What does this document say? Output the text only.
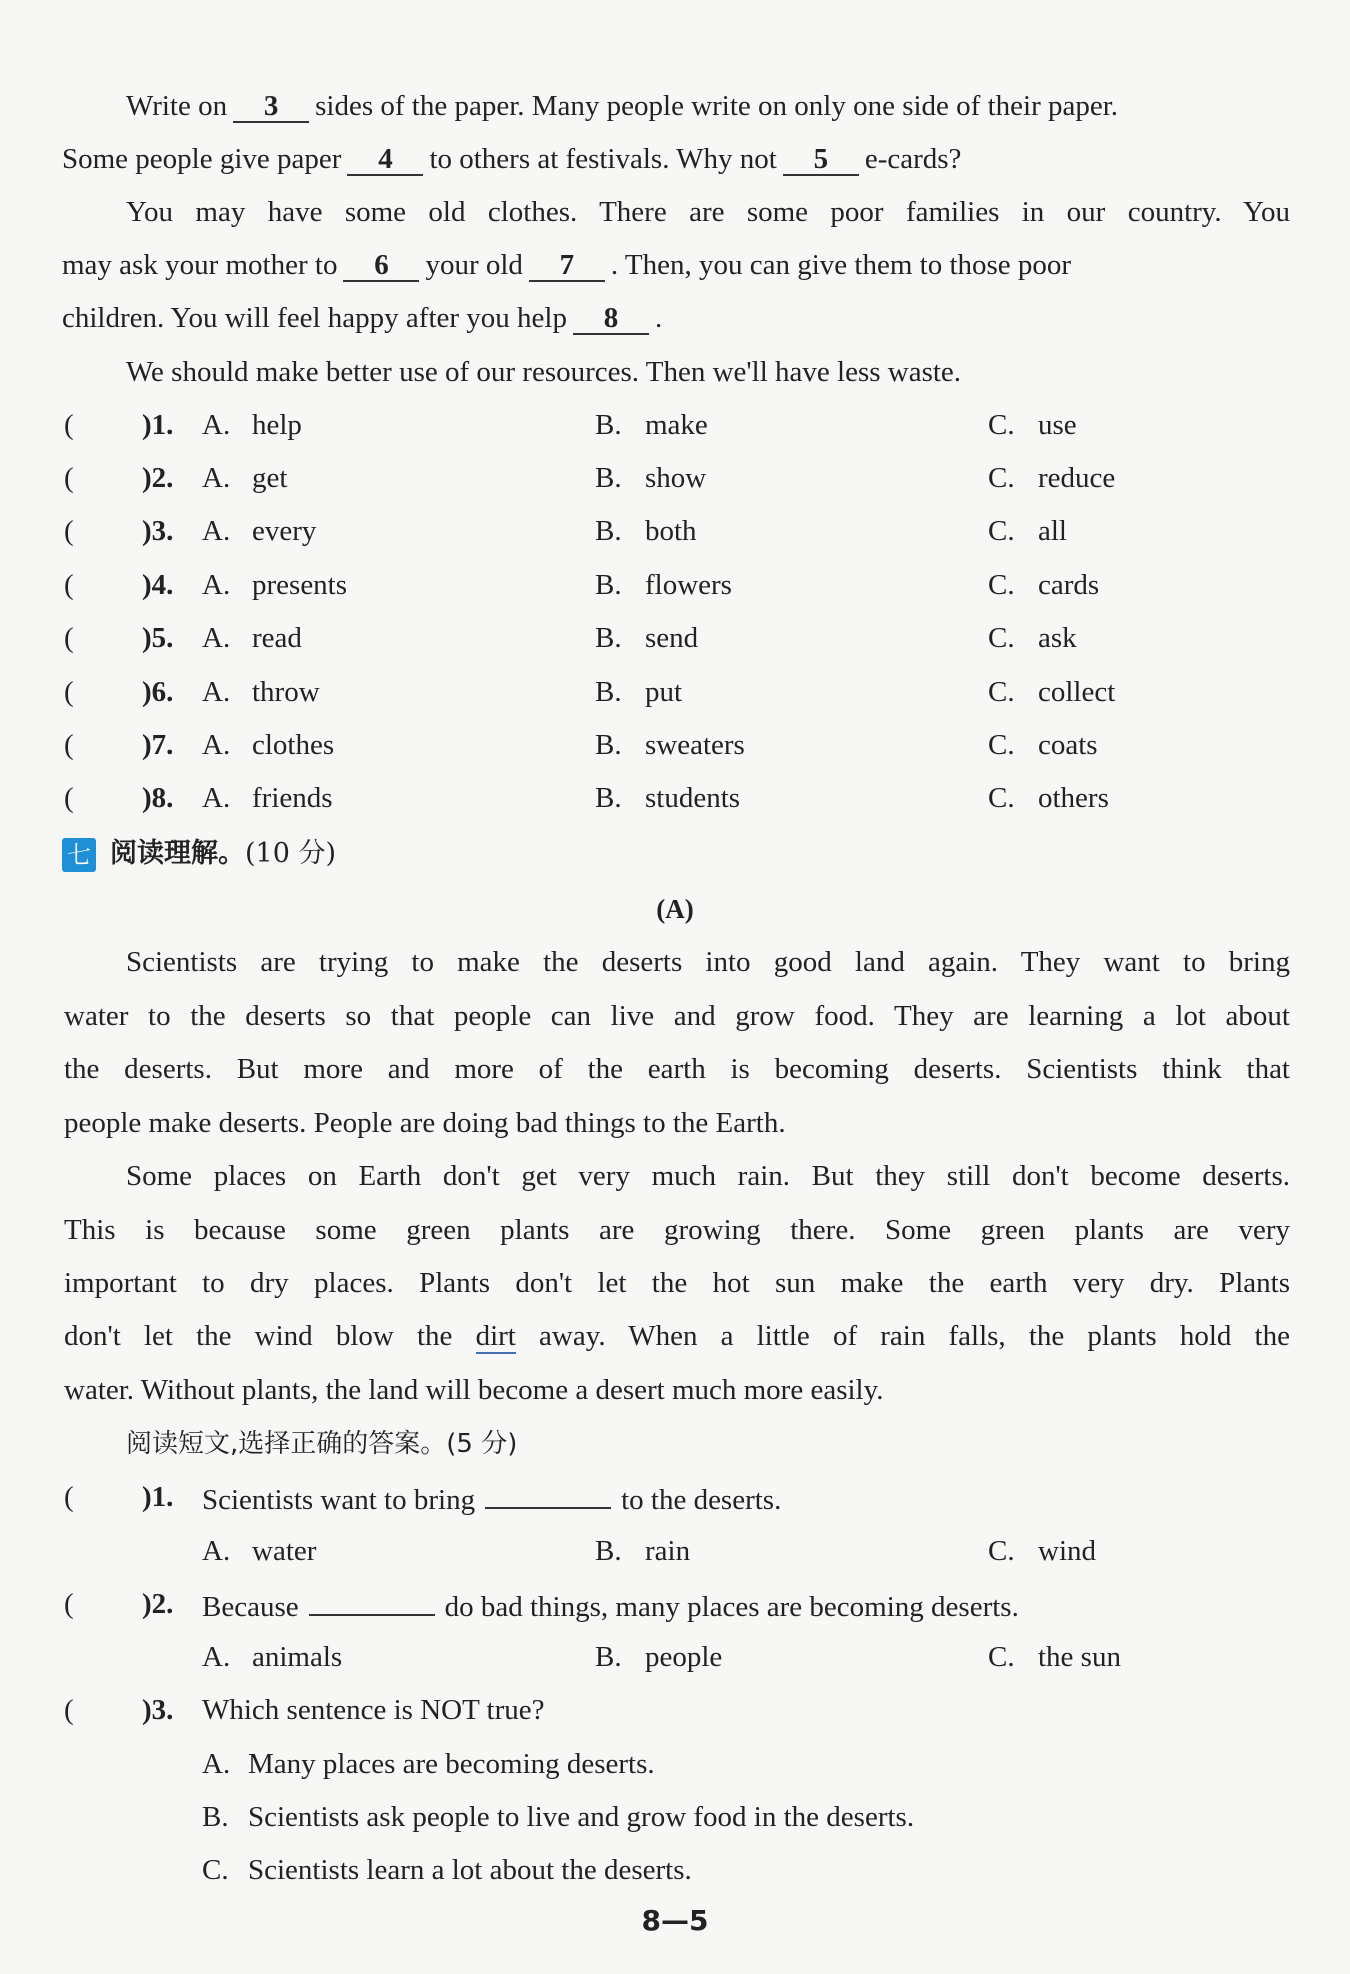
Write on 3 sides of the paper. Many people write on only one side of their paper.
Some people give paper 4 to others at festivals. Why not 5 e-cards?
You may have some old clothes. There are some poor families in our country. You
may ask your mother to 6 your old 7 . Then, you can give them to those poor
children. You will feel happy after you help 8 .
We should make better use of our resources. Then we'll have less waste.
( )1. A. help	B. make	C. use
( )2. A. get	B. show	C. reduce
( )3. A. every	B. both	C. all
( )4. A. presents	B. flowers	C. cards
( )5. A. read	B. send	C. ask
( )6. A. throw	B. put	C. collect
( )7. A. clothes	B. sweaters	C. coats
( )8. A. friends	B. students	C. others
七 阅读理解。(10 分)
(A)
Scientists are trying to make the deserts into good land again. They want to bring
water to the deserts so that people can live and grow food. They are learning a lot about
the deserts. But more and more of the earth is becoming deserts. Scientists think that
people make deserts. People are doing bad things to the Earth.
Some places on Earth don't get very much rain. But they still don't become deserts.
This is because some green plants are growing there. Some green plants are very
important to dry places. Plants don't let the hot sun make the earth very dry. Plants
don't let the wind blow the dirt away. When a little of rain falls, the plants hold the
water. Without plants, the land will become a desert much more easily.
阅读短文,选择正确的答案。(5 分)
( )1. Scientists want to bring	to the deserts.
A. water	B. rain	C. wind
( )2. Because	do bad things, many places are becoming deserts.
A. animals	B. people	C. the sun
( )3. Which sentence is NOT true?
A. Many places are becoming deserts.
B. Scientists ask people to live and grow food in the deserts.
C. Scientists learn a lot about the deserts.
8—5
